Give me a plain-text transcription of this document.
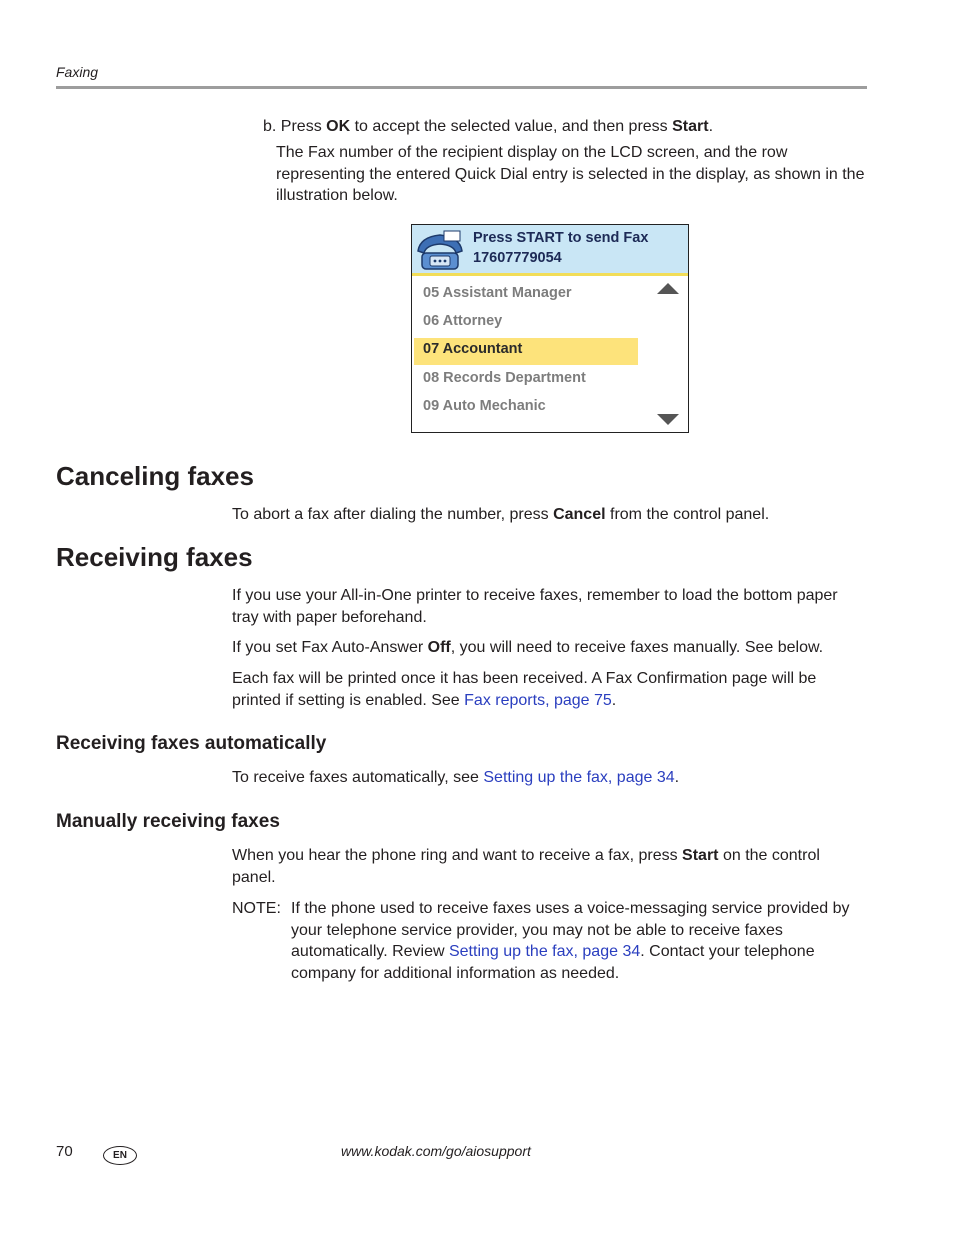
Faxing
b. Press OK to accept the selected value, and then press Start.
The Fax number of the recipient display on the LCD screen, and the row representing the entered Quick Dial entry is selected in the display, as shown in the illustration below.
Press START to send Fax
17607779054
05 Assistant Manager
06 Attorney
07 Accountant
08 Records Department
09 Auto Mechanic
Canceling faxes
To abort a fax after dialing the number, press Cancel from the control panel.
Receiving faxes
If you use your All-in-One printer to receive faxes, remember to load the bottom paper tray with paper beforehand.
If you set Fax Auto-Answer Off, you will need to receive faxes manually. See below.
Each fax will be printed once it has been received. A Fax Confirmation page will be printed if setting is enabled. See Fax reports, page 75.
Receiving faxes automatically
To receive faxes automatically, see Setting up the fax, page 34.
Manually receiving faxes
When you hear the phone ring and want to receive a fax, press Start on the control panel.
NOTE: If the phone used to receive faxes uses a voice-messaging service provided by your telephone service provider, you may not be able to receive faxes automatically. Review Setting up the fax, page 34. Contact your telephone company for additional information as needed.
70	EN	www.kodak.com/go/aiosupport
